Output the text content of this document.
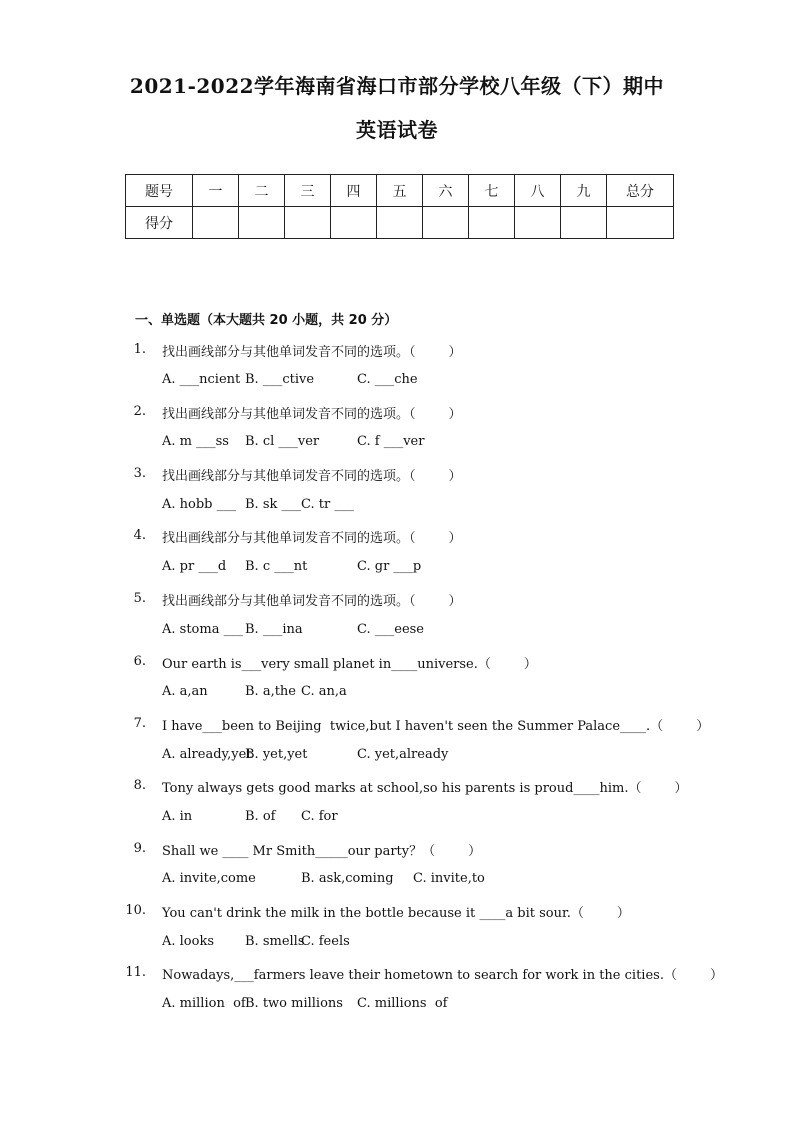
2021-2022学年海南省海口市部分学校八年级（下）期中
英语试卷
题号	一	二	三	四	五	六	七	八	九	总分
得分										
一、单选题（本大题共 20 小题，共 20 分）
1. 找出画线部分与其他单词发音不同的选项。（        ）
A. ___ncient B. ___ctive	C. ___che
2. 找出画线部分与其他单词发音不同的选项。（        ）
A. m ___ss B. cl ___ver	C. f ___ver
3. 找出画线部分与其他单词发音不同的选项。（        ）
A. hobb ___ B. sk ___ C. tr ___
4. 找出画线部分与其他单词发音不同的选项。（        ）
A. pr ___d B. c ___nt	C. gr ___p
5. 找出画线部分与其他单词发音不同的选项。（        ）
A. stoma ___ B. ___ina	C. ___eese
6. Our earth is___very small planet in____universe.（        ）
A. a,an	B. a,the C. an,a
7. I have___been to Beijing  twice,but I haven't seen the Summer Palace____.（        ）
A. already,yet
B. yet,yet	C. yet,already
8. Tony always gets good marks at school,so his parents is proud____him.（        ）
A. in	B. of C. for
9. Shall we ____ Mr Smith_____our party？（        ）
A. invite,come	B. ask,coming C. invite,to
10. You can't drink the milk in the bottle because it ____a bit sour.（        ）
A. looks B. smells
C. feels
11. Nowadays,___farmers leave their hometown to search for work in the cities.（        ）
A. million  of B. two millions C. millions  of
